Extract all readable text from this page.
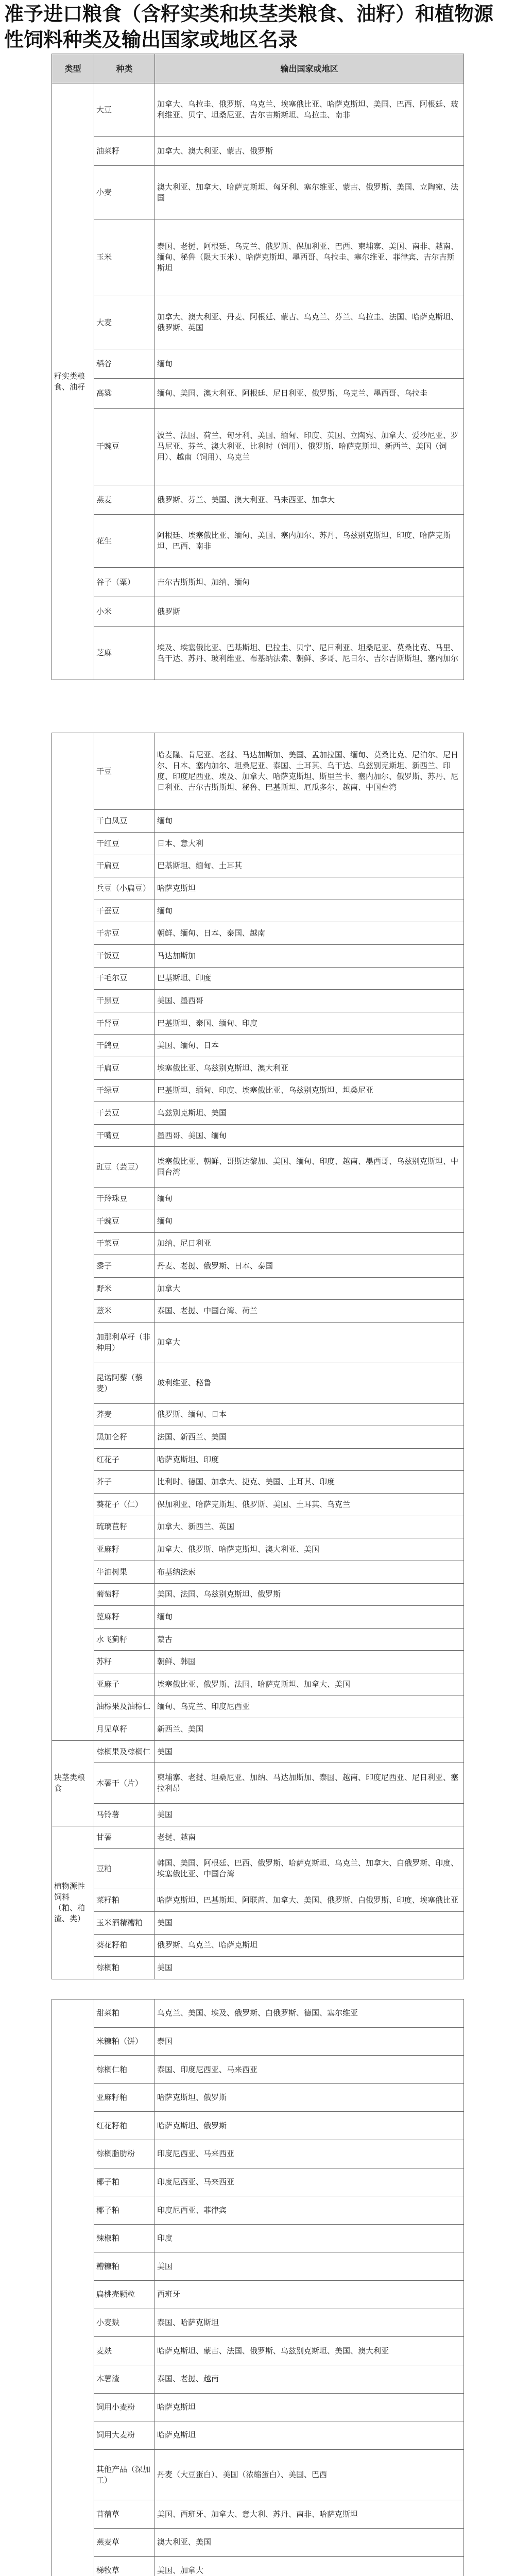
准予进口粮食（含籽实类和块茎类粮食、油籽）和植物源性饲料种类及输出国家或地区名录
类型	种类	输出国家或地区
籽实类粮食、油籽	大豆	加拿大、乌拉圭、俄罗斯、乌克兰、埃塞俄比亚、哈萨克斯坦、美国、巴西、阿根廷、玻利维亚、贝宁、坦桑尼亚、吉尔吉斯斯坦、乌拉圭、南非
	油菜籽	加拿大、澳大利亚、蒙古、俄罗斯
	小麦	澳大利亚、加拿大、哈萨克斯坦、匈牙利、塞尔维亚、蒙古、俄罗斯、美国、立陶宛、法国
	玉米	泰国、老挝、阿根廷、乌克兰、俄罗斯、保加利亚、巴西、柬埔寨、美国、南非、越南、缅甸、秘鲁（限大玉米）、哈萨克斯坦、墨西哥、乌拉圭、塞尔维亚、菲律宾、吉尔吉斯斯坦
	大麦	加拿大、澳大利亚、丹麦、阿根廷、蒙古、乌克兰、芬兰、乌拉圭、法国、哈萨克斯坦、俄罗斯、英国
	稻谷	缅甸
	高粱	缅甸、美国、澳大利亚、阿根廷、尼日利亚、俄罗斯、乌克兰、墨西哥、乌拉圭
	干豌豆	波兰、法国、荷兰、匈牙利、美国、缅甸、印度、英国、立陶宛、加拿大、爱沙尼亚、罗马尼亚、芬兰、澳大利亚、比利时（饲用）、俄罗斯、哈萨克斯坦、新西兰、美国（饲用）、越南（饲用）、乌克兰
	燕麦	俄罗斯、芬兰、美国、澳大利亚、马来西亚、加拿大
	花生	阿根廷、埃塞俄比亚、缅甸、美国、塞内加尔、苏丹、乌兹别克斯坦、印度、哈萨克斯坦、巴西、南非
	谷子（粟）	吉尔吉斯斯坦、加纳、缅甸
	小米	俄罗斯
	芝麻	埃及、埃塞俄比亚、巴基斯坦、巴拉圭、贝宁、尼日利亚、坦桑尼亚、莫桑比克、马里、乌干达、苏丹、玻利维亚、布基纳法索、朝鲜、多哥、尼日尔、吉尔吉斯斯坦、塞内加尔
	干豆	哈麦隆、肯尼亚、老挝、马达加斯加、美国、孟加拉国、缅甸、莫桑比克、尼泊尔、尼日尔、日本、塞内加尔、坦桑尼亚、泰国、土耳其、乌干达、乌兹别克斯坦、新西兰、印度、印度尼西亚、埃及、加拿大、哈萨克斯坦、斯里兰卡、塞内加尔、俄罗斯、苏丹、尼日利亚、吉尔吉斯斯坦、秘鲁、巴基斯坦、厄瓜多尔、越南、中国台湾
	干白凤豆	缅甸
	干红豆	日本、意大利
	干扁豆	巴基斯坦、缅甸、土耳其
	兵豆（小扁豆）	哈萨克斯坦
	干蚕豆	缅甸
	干赤豆	朝鲜、缅甸、日本、泰国、越南
	干饭豆	马达加斯加
	干毛尔豆	巴基斯坦、印度
	干黑豆	美国、墨西哥
	干肾豆	巴基斯坦、泰国、缅甸、印度
	干鸽豆	美国、缅甸、日本
	干扁豆	埃塞俄比亚、乌兹别克斯坦、澳大利亚
	干绿豆	巴基斯坦、缅甸、印度、埃塞俄比亚、乌兹别克斯坦、坦桑尼亚
	干芸豆	乌兹别克斯坦、美国
	干嘴豆	墨西哥、美国、缅甸
	豇豆（芸豆）	埃塞俄比亚、朝鲜、哥斯达黎加、美国、缅甸、印度、越南、墨西哥、乌兹别克斯坦、中国台湾
	干羚珠豆	缅甸
	干豌豆	缅甸
	干菜豆	加纳、尼日利亚
	黍子	丹麦、老挝、俄罗斯、日本、泰国
	野米	加拿大
	薏米	泰国、老挝、中国台湾、荷兰
	加那利草籽（非种用）	加拿大
	昆诺阿藜（藜麦）	玻利维亚、秘鲁
	荞麦	俄罗斯、缅甸、日本
	黑加仑籽	法国、新西兰、美国
	红花子	哈萨克斯坦、印度
	芥子	比利时、德国、加拿大、捷克、美国、土耳其、印度
	葵花子（仁）	保加利亚、哈萨克斯坦、俄罗斯、美国、土耳其、乌克兰
	琉璃苣籽	加拿大、新西兰、英国
	亚麻籽	加拿大、俄罗斯、哈萨克斯坦、澳大利亚、美国
	牛油树果	布基纳法索
	葡萄籽	美国、法国、乌兹别克斯坦、俄罗斯
	蓖麻籽	缅甸
	水飞蓟籽	蒙古
	苏籽	朝鲜、韩国
	亚麻子	埃塞俄比亚、俄罗斯、法国、哈萨克斯坦、加拿大、美国
	油棕果及油棕仁	缅甸、乌克兰、印度尼西亚
	月见草籽	新西兰、美国
块茎类粮食	棕榈果及棕榈仁	美国
	木薯干（片）	柬埔寨、老挝、坦桑尼亚、加纳、马达加斯加、泰国、越南、印度尼西亚、尼日利亚、塞拉利昂
	马铃薯	美国
植物源性饲料（粕、粕渣、类）	甘薯	老挝、越南
	豆粕	韩国、美国、阿根廷、巴西、俄罗斯、哈萨克斯坦、乌克兰、加拿大、白俄罗斯、印度、埃塞俄比亚、中国台湾
	菜籽粕	哈萨克斯坦、巴基斯坦、阿联酋、加拿大、美国、俄罗斯、白俄罗斯、印度、埃塞俄比亚
	玉米酒精糟粕	美国
	葵花籽粕	俄罗斯、乌克兰、哈萨克斯坦
	棕榈粕	美国
	甜菜粕	乌克兰、美国、埃及、俄罗斯、白俄罗斯、德国、塞尔维亚
	米糠粕（饼）	泰国
	棕榈仁粕	泰国、印度尼西亚、马来西亚
	亚麻籽粕	哈萨克斯坦、俄罗斯
	红花籽粕	哈萨克斯坦、俄罗斯
	棕榈脂肪粉	印度尼西亚、马来西亚
	椰子粕	印度尼西亚、马来西亚
	椰子粕	印度尼西亚、菲律宾
	辣椒粕	印度
	糟糠粕	美国
	扁桃壳颗粒	西班牙
	小麦麸	泰国、哈萨克斯坦
	麦麸	哈萨克斯坦、蒙古、法国、俄罗斯、乌兹别克斯坦、美国、澳大利亚
	木薯渣	泰国、老挝、越南
	饲用小麦粉	哈萨克斯坦
	饲用大麦粉	哈萨克斯坦
	其他产品（深加工）	丹麦（大豆蛋白）、美国（浓缩蛋白）、美国、巴西
	苜蓿草	美国、西班牙、加拿大、意大利、苏丹、南非、哈萨克斯坦
	燕麦草	澳大利亚、美国
	梯牧草	美国、加拿大
